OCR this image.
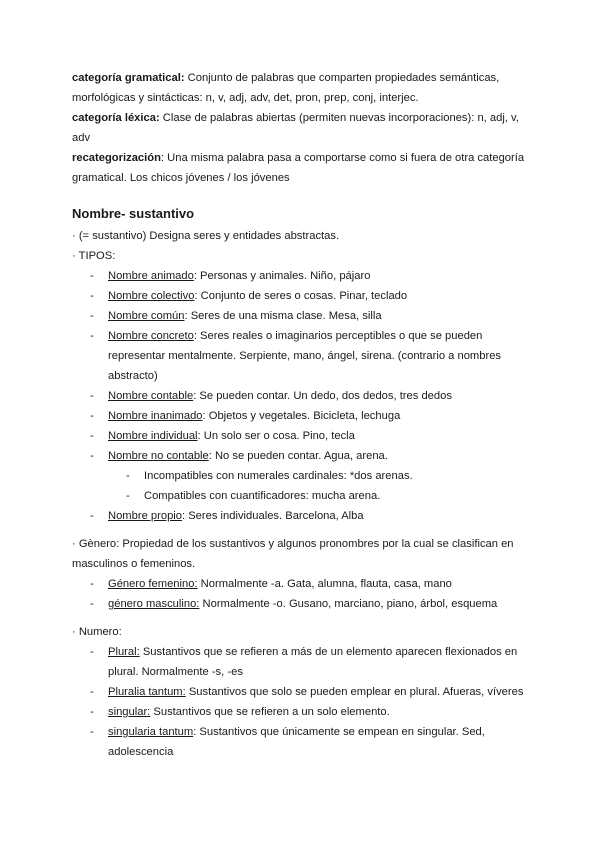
categoría gramatical: Conjunto de palabras que comparten propiedades semánticas, morfológicas y sintácticas: n, v, adj, adv, det, pron, prep, conj, interjec.

categoría léxica: Clase de palabras abiertas (permiten nuevas incorporaciones): n, adj, v, adv

recategorización: Una misma palabra pasa a comportarse como si fuera de otra categoría gramatical. Los chicos jóvenes / los jóvenes

Nombre- sustantivo

· (= sustantivo) Designa seres y entidades abstractas.

· TIPOS:

- Nombre animado: Personas y animales. Niño, pájaro
- Nombre colectivo: Conjunto de seres o cosas. Pinar, teclado
- Nombre común: Seres de una misma clase. Mesa, silla
- Nombre concreto: Seres reales o imaginarios perceptibles o que se pueden representar mentalmente. Serpiente, mano, ángel, sirena. (contrario a nombres abstracto)
- Nombre contable: Se pueden contar. Un dedo, dos dedos, tres dedos
- Nombre inanimado: Objetos y vegetales. Bicicleta, lechuga
- Nombre individual: Un solo ser o cosa. Pino, tecla
- Nombre no contable: No se pueden contar. Agua, arena.
- Incompatibles con numerales cardinales: *dos arenas.
- Compatibles con cuantificadores: mucha arena.
- Nombre propio: Seres individuales. Barcelona, Alba

· Gènero: Propiedad de los sustantivos y algunos pronombres por la cual se clasifican en masculinos o femeninos.

- Género femenino: Normalmente -a. Gata, alumna, flauta, casa, mano
- género masculino: Normalmente -o. Gusano, marciano, piano, árbol, esquema

· Numero:

- Plural: Sustantivos que se refieren a más de un elemento aparecen flexionados en plural. Normalmente -s, -es
- Pluralia tantum: Sustantivos que solo se pueden emplear en plural. Afueras, víveres
- singular: Sustantivos que se refieren a un solo elemento.
- singularia tantum: Sustantivos que únicamente se empean en singular. Sed, adolescencia
